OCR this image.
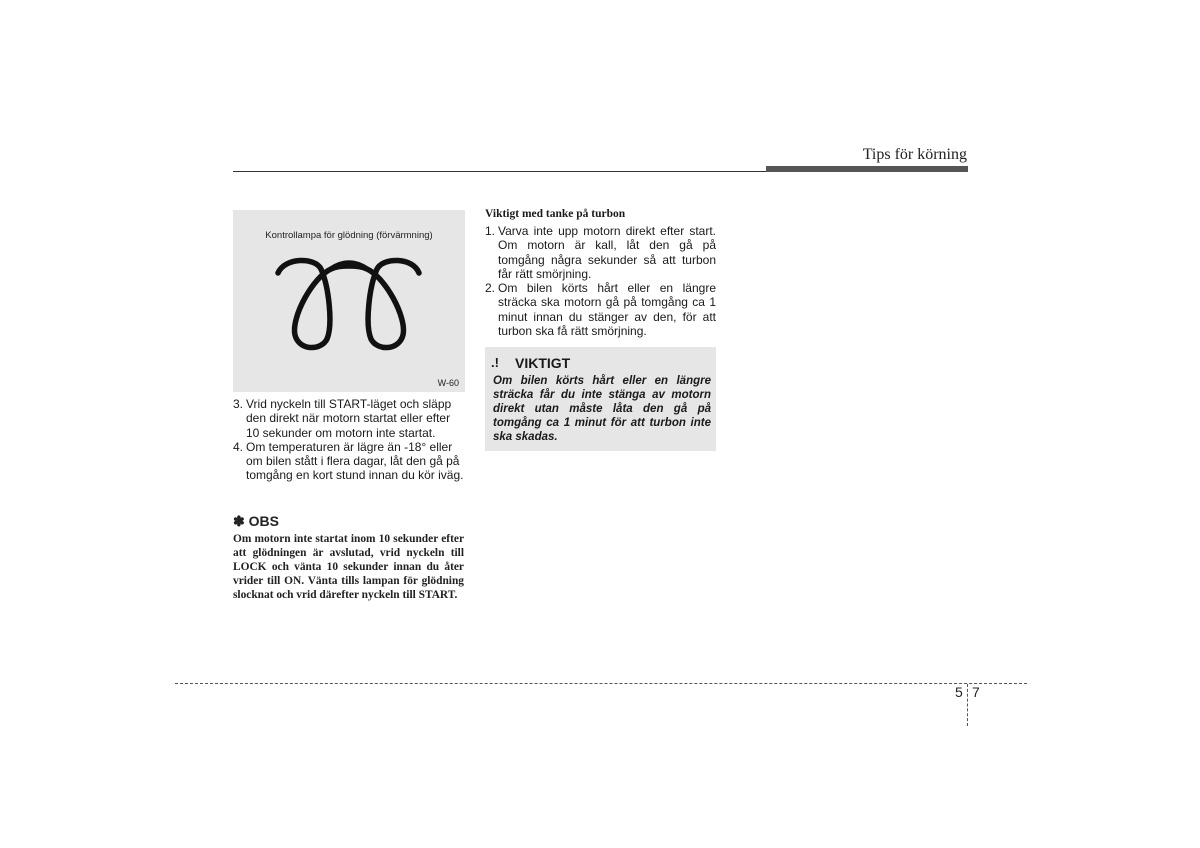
Tips för körning
Kontrollampa för glödning (förvärmning)
W-60
3. Vrid nyckeln till START-läget och släpp den direkt när motorn startat eller efter 10 sekunder om motorn inte startat.
4. Om temperaturen är lägre än -18° eller om bilen stått i flera dagar, låt den gå på tomgång en kort stund innan du kör iväg.
✽ OBS
Om motorn inte startat inom 10 sekunder efter att glödningen är avslutad, vrid nyckeln till LOCK och vänta 10 sekunder innan du åter vrider till ON. Vänta tills lampan för glödning slocknat och vrid därefter nyckeln till START.
Viktigt med tanke på turbon
1. Varva inte upp motorn direkt efter start. Om motorn är kall, låt den gå på tomgång några sekunder så att turbon får rätt smörjning.
2. Om bilen körts hårt eller en längre sträcka ska motorn gå på tomgång ca 1 minut innan du stänger av den, för att turbon ska få rätt smörjning.
.! VIKTIGT
Om bilen körts hårt eller en längre sträcka får du inte stänga av motorn direkt utan måste låta den gå på tomgång ca 1 minut för att turbon inte ska skadas.
5 7
